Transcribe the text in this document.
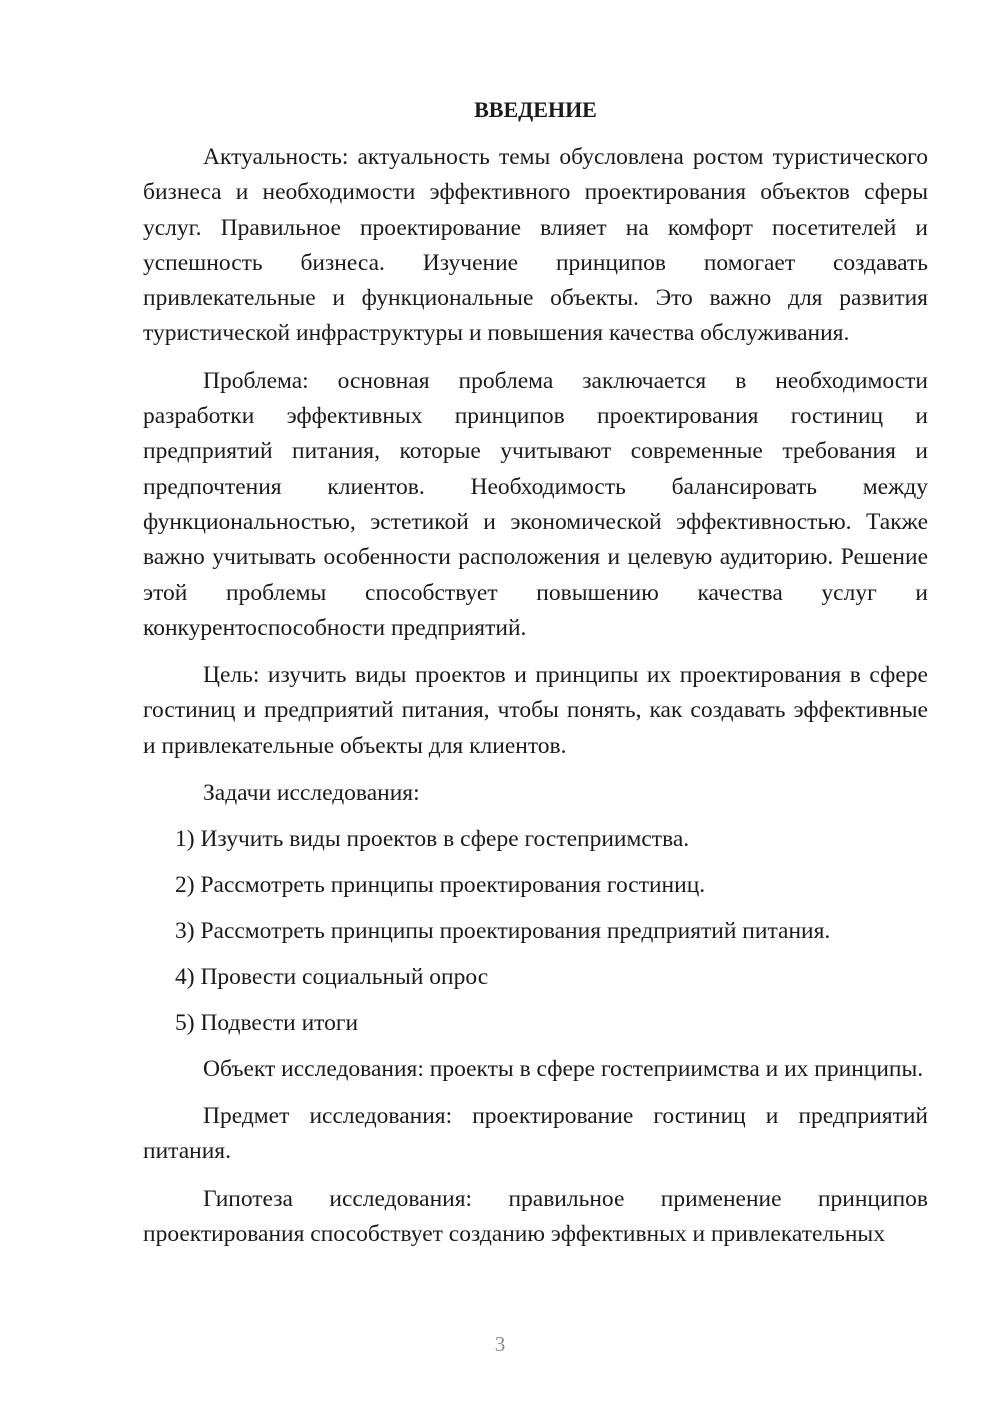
ВВЕДЕНИЕ

Актуальность: актуальность темы обусловлена ростом туристического бизнеса и необходимости эффективного проектирования объектов сферы услуг. Правильное проектирование влияет на комфорт посетителей и успешность бизнеса. Изучение принципов помогает создавать привлекательные и функциональные объекты. Это важно для развития туристической инфраструктуры и повышения качества обслуживания.

Проблема: основная проблема заключается в необходимости разработки эффективных принципов проектирования гостиниц и предприятий питания, которые учитывают современные требования и предпочтения клиентов. Необходимость балансировать между функциональностью, эстетикой и экономической эффективностью. Также важно учитывать особенности расположения и целевую аудиторию. Решение этой проблемы способствует повышению качества услуг и конкурентоспособности предприятий.

Цель: изучить виды проектов и принципы их проектирования в сфере гостиниц и предприятий питания, чтобы понять, как создавать эффективные и привлекательные объекты для клиентов.

Задачи исследования:

1) Изучить виды проектов в сфере гостеприимства.
2) Рассмотреть принципы проектирования гостиниц.
3) Рассмотреть принципы проектирования предприятий питания.
4) Провести социальный опрос
5) Подвести итоги

Объект исследования: проекты в сфере гостеприимства и их принципы.

Предмет исследования: проектирование гостиниц и предприятий питания.

Гипотеза исследования: правильное применение принципов проектирования способствует созданию эффективных и привлекательных

3
